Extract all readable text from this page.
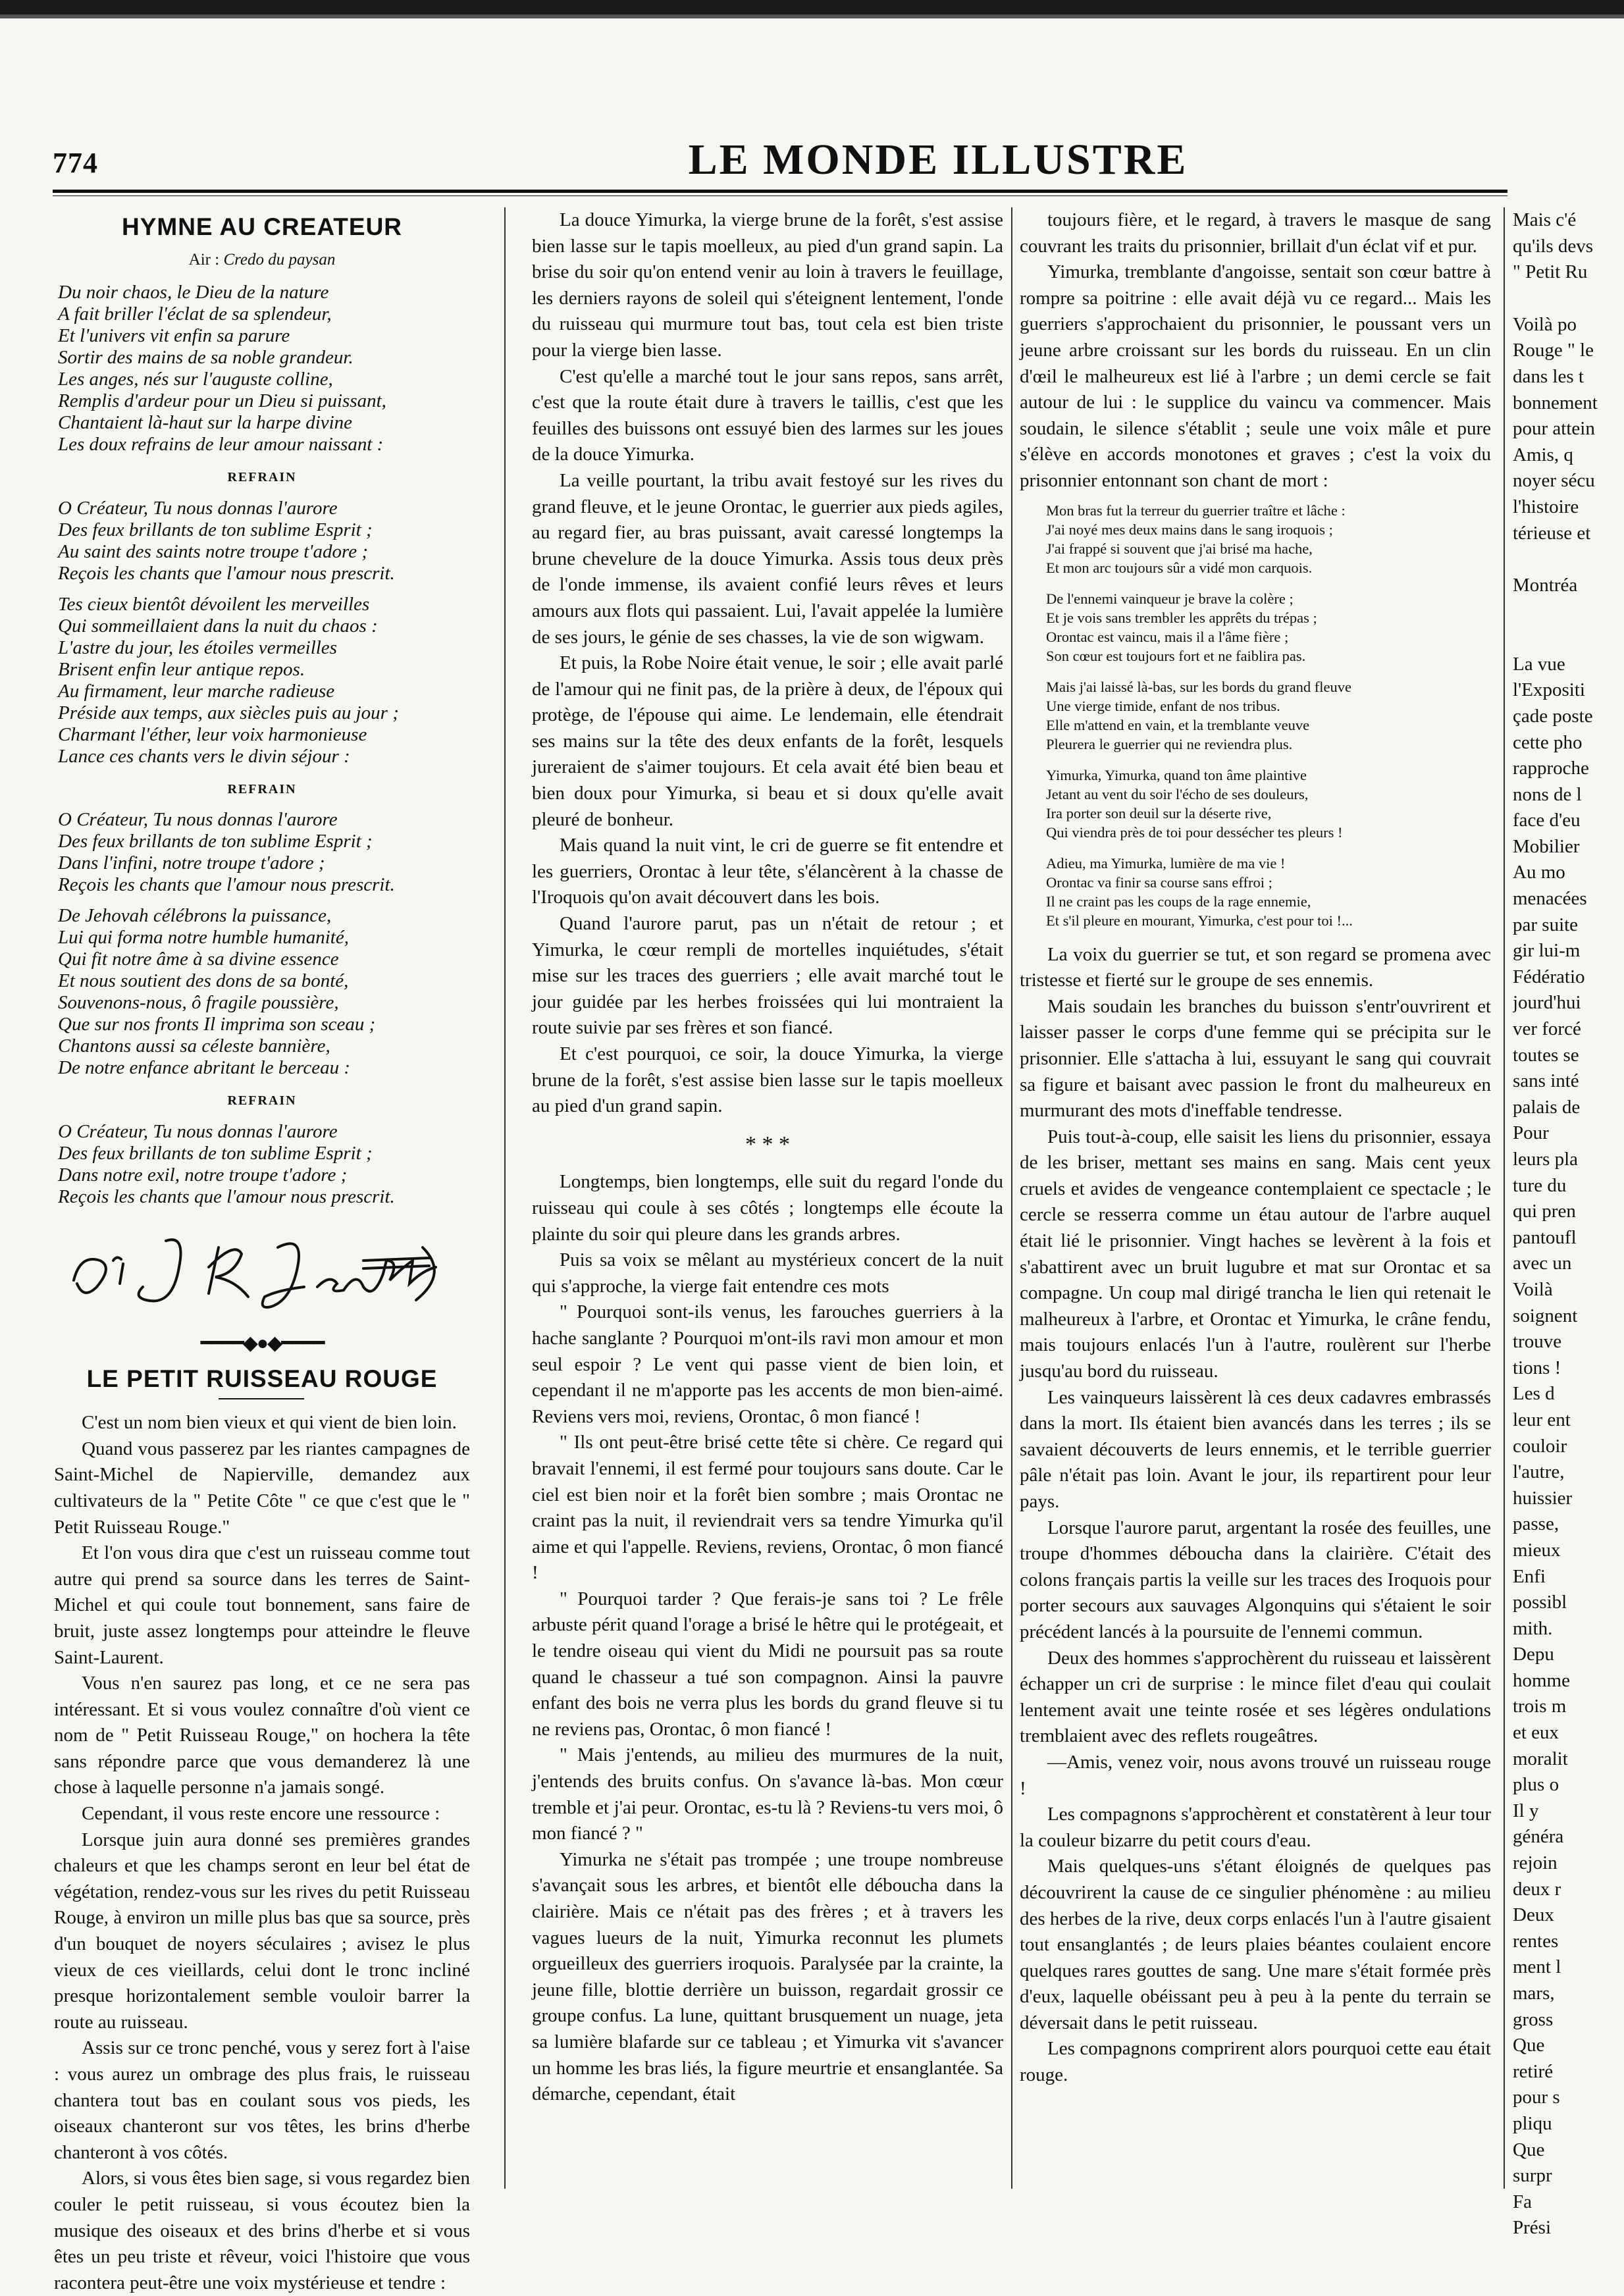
774	LE MONDE ILLUSTRE
HYMNE AU CREATEUR
Air : Credo du paysan
Du noir chaos, le Dieu de la nature
A fait briller l'éclat de sa splendeur,
Et l'univers vit enfin sa parure
Sortir des mains de sa noble grandeur.
Les anges, nés sur l'auguste colline,
Remplis d'ardeur pour un Dieu si puissant,
Chantaient là-haut sur la harpe divine
Les doux refrains de leur amour naissant :
REFRAIN
O Créateur, Tu nous donnas l'aurore
Des feux brillants de ton sublime Esprit ;
Au saint des saints notre troupe t'adore ;
Reçois les chants que l'amour nous prescrit.
Tes cieux bientôt dévoilent les merveilles
Qui sommeillaient dans la nuit du chaos :
L'astre du jour, les étoiles vermeilles
Brisent enfin leur antique repos.
Au firmament, leur marche radieuse
Préside aux temps, aux siècles puis au jour ;
Charmant l'éther, leur voix harmonieuse
Lance ces chants vers le divin séjour :
REFRAIN
O Créateur, Tu nous donnas l'aurore
Des feux brillants de ton sublime Esprit ;
Dans l'infini, notre troupe t'adore ;
Reçois les chants que l'amour nous prescrit.
De Jehovah célébrons la puissance,
Lui qui forma notre humble humanité,
Qui fit notre âme à sa divine essence
Et nous soutient des dons de sa bonté,
Souvenons-nous, ô fragile poussière,
Que sur nos fronts Il imprima son sceau ;
Chantons aussi sa céleste bannière,
De notre enfance abritant le berceau :
REFRAIN
O Créateur, Tu nous donnas l'aurore
Des feux brillants de ton sublime Esprit ;
Dans notre exil, notre troupe t'adore ;
Reçois les chants que l'amour nous prescrit.
━━━━◆●◆━━━━
LE PETIT RUISSEAU ROUGE

C'est un nom bien vieux et qui vient de bien loin.

Quand vous passerez par les riantes campagnes de Saint-Michel de Napierville, demandez aux cultivateurs de la " Petite Côte " ce que c'est que le " Petit Ruisseau Rouge."

Et l'on vous dira que c'est un ruisseau comme tout autre qui prend sa source dans les terres de Saint-Michel et qui coule tout bonnement, sans faire de bruit, juste assez longtemps pour atteindre le fleuve Saint-Laurent.

Vous n'en saurez pas long, et ce ne sera pas intéressant. Et si vous voulez connaître d'où vient ce nom de " Petit Ruisseau Rouge," on hochera la tête sans répondre parce que vous demanderez là une chose à laquelle personne n'a jamais songé.

Cependant, il vous reste encore une ressource :

Lorsque juin aura donné ses premières grandes chaleurs et que les champs seront en leur bel état de végétation, rendez-vous sur les rives du petit Ruisseau Rouge, à environ un mille plus bas que sa source, près d'un bouquet de noyers séculaires ; avisez le plus vieux de ces vieillards, celui dont le tronc incliné presque horizontalement semble vouloir barrer la route au ruisseau.

Assis sur ce tronc penché, vous y serez fort à l'aise : vous aurez un ombrage des plus frais, le ruisseau chantera tout bas en coulant sous vos pieds, les oiseaux chanteront sur vos têtes, les brins d'herbe chanteront à vos côtés.

Alors, si vous êtes bien sage, si vous regardez bien couler le petit ruisseau, si vous écoutez bien la musique des oiseaux et des brins d'herbe et si vous êtes un peu triste et rêveur, voici l'histoire que vous racontera peut-être une voix mystérieuse et tendre :

La douce Yimurka, la vierge brune de la forêt, s'est assise bien lasse sur le tapis moelleux, au pied d'un grand sapin. La brise du soir qu'on entend venir au loin à travers le feuillage, les derniers rayons de soleil qui s'éteignent lentement, l'onde du ruisseau qui murmure tout bas, tout cela est bien triste pour la vierge bien lasse.

C'est qu'elle a marché tout le jour sans repos, sans arrêt, c'est que la route était dure à travers le taillis, c'est que les feuilles des buissons ont essuyé bien des larmes sur les joues de la douce Yimurka.

La veille pourtant, la tribu avait festoyé sur les rives du grand fleuve, et le jeune Orontac, le guerrier aux pieds agiles, au regard fier, au bras puissant, avait caressé longtemps la brune chevelure de la douce Yimurka. Assis tous deux près de l'onde immense, ils avaient confié leurs rêves et leurs amours aux flots qui passaient. Lui, l'avait appelée la lumière de ses jours, le génie de ses chasses, la vie de son wigwam.

Et puis, la Robe Noire était venue, le soir ; elle avait parlé de l'amour qui ne finit pas, de la prière à deux, de l'époux qui protège, de l'épouse qui aime. Le lendemain, elle étendrait ses mains sur la tête des deux enfants de la forêt, lesquels jureraient de s'aimer toujours. Et cela avait été bien beau et bien doux pour Yimurka, si beau et si doux qu'elle avait pleuré de bonheur.

Mais quand la nuit vint, le cri de guerre se fit entendre et les guerriers, Orontac à leur tête, s'élancèrent à la chasse de l'Iroquois qu'on avait découvert dans les bois.

Quand l'aurore parut, pas un n'était de retour ; et Yimurka, le cœur rempli de mortelles inquiétudes, s'était mise sur les traces des guerriers ; elle avait marché tout le jour guidée par les herbes froissées qui lui montraient la route suivie par ses frères et son fiancé.

Et c'est pourquoi, ce soir, la douce Yimurka, la vierge brune de la forêt, s'est assise bien lasse sur le tapis moelleux au pied d'un grand sapin.

* * *

Longtemps, bien longtemps, elle suit du regard l'onde du ruisseau qui coule à ses côtés ; longtemps elle écoute la plainte du soir qui pleure dans les grands arbres.

Puis sa voix se mêlant au mystérieux concert de la nuit qui s'approche, la vierge fait entendre ces mots

" Pourquoi sont-ils venus, les farouches guerriers à la hache sanglante ? Pourquoi m'ont-ils ravi mon amour et mon seul espoir ? Le vent qui passe vient de bien loin, et cependant il ne m'apporte pas les accents de mon bien-aimé. Reviens vers moi, reviens, Orontac, ô mon fiancé !

" Ils ont peut-être brisé cette tête si chère. Ce regard qui bravait l'ennemi, il est fermé pour toujours sans doute. Car le ciel est bien noir et la forêt bien sombre ; mais Orontac ne craint pas la nuit, il reviendrait vers sa tendre Yimurka qu'il aime et qui l'appelle. Reviens, reviens, Orontac, ô mon fiancé !

" Pourquoi tarder ? Que ferais-je sans toi ? Le frêle arbuste périt quand l'orage a brisé le hêtre qui le protégeait, et le tendre oiseau qui vient du Midi ne poursuit pas sa route quand le chasseur a tué son compagnon. Ainsi la pauvre enfant des bois ne verra plus les bords du grand fleuve si tu ne reviens pas, Orontac, ô mon fiancé !

" Mais j'entends, au milieu des murmures de la nuit, j'entends des bruits confus. On s'avance là-bas. Mon cœur tremble et j'ai peur. Orontac, es-tu là ? Reviens-tu vers moi, ô mon fiancé ? "

Yimurka ne s'était pas trompée ; une troupe nombreuse s'avançait sous les arbres, et bientôt elle déboucha dans la clairière. Mais ce n'était pas des frères ; et à travers les vagues lueurs de la nuit, Yimurka reconnut les plumets orgueilleux des guerriers iroquois. Paralysée par la crainte, la jeune fille, blottie derrière un buisson, regardait grossir ce groupe confus. La lune, quittant brusquement un nuage, jeta sa lumière blafarde sur ce tableau ; et Yimurka vit s'avancer un homme les bras liés, la figure meurtrie et ensanglantée. Sa démarche, cependant, était

toujours fière, et le regard, à travers le masque de sang couvrant les traits du prisonnier, brillait d'un éclat vif et pur.

Yimurka, tremblante d'angoisse, sentait son cœur battre à rompre sa poitrine : elle avait déjà vu ce regard... Mais les guerriers s'approchaient du prisonnier, le poussant vers un jeune arbre croissant sur les bords du ruisseau. En un clin d'œil le malheureux est lié à l'arbre ; un demi cercle se fait autour de lui : le supplice du vaincu va commencer. Mais soudain, le silence s'établit ; seule une voix mâle et pure s'élève en accords monotones et graves ; c'est la voix du prisonnier entonnant son chant de mort :

Mon bras fut la terreur du guerrier traître et lâche :
J'ai noyé mes deux mains dans le sang iroquois ;
J'ai frappé si souvent que j'ai brisé ma hache,
Et mon arc toujours sûr a vidé mon carquois.
De l'ennemi vainqueur je brave la colère ;
Et je vois sans trembler les apprêts du trépas ;
Orontac est vaincu, mais il a l'âme fière ;
Son cœur est toujours fort et ne faiblira pas.
Mais j'ai laissé là-bas, sur les bords du grand fleuve
Une vierge timide, enfant de nos tribus.
Elle m'attend en vain, et la tremblante veuve
Pleurera le guerrier qui ne reviendra plus.
Yimurka, Yimurka, quand ton âme plaintive
Jetant au vent du soir l'écho de ses douleurs,
Ira porter son deuil sur la déserte rive,
Qui viendra près de toi pour dessécher tes pleurs !
Adieu, ma Yimurka, lumière de ma vie !
Orontac va finir sa course sans effroi ;
Il ne craint pas les coups de la rage ennemie,
Et s'il pleure en mourant, Yimurka, c'est pour toi !...

La voix du guerrier se tut, et son regard se promena avec tristesse et fierté sur le groupe de ses ennemis.

Mais soudain les branches du buisson s'entr'ouvrirent et laisser passer le corps d'une femme qui se précipita sur le prisonnier. Elle s'attacha à lui, essuyant le sang qui couvrait sa figure et baisant avec passion le front du malheureux en murmurant des mots d'ineffable tendresse.

Puis tout-à-coup, elle saisit les liens du prisonnier, essaya de les briser, mettant ses mains en sang. Mais cent yeux cruels et avides de vengeance contemplaient ce spectacle ; le cercle se resserra comme un étau autour de l'arbre auquel était lié le prisonnier. Vingt haches se levèrent à la fois et s'abattirent avec un bruit lugubre et mat sur Orontac et sa compagne. Un coup mal dirigé trancha le lien qui retenait le malheureux à l'arbre, et Orontac et Yimurka, le crâne fendu, mais toujours enlacés l'un à l'autre, roulèrent sur l'herbe jusqu'au bord du ruisseau.

Les vainqueurs laissèrent là ces deux cadavres embrassés dans la mort. Ils étaient bien avancés dans les terres ; ils se savaient découverts de leurs ennemis, et le terrible guerrier pâle n'était pas loin. Avant le jour, ils repartirent pour leur pays.

Lorsque l'aurore parut, argentant la rosée des feuilles, une troupe d'hommes déboucha dans la clairière. C'était des colons français partis la veille sur les traces des Iroquois pour porter secours aux sauvages Algonquins qui s'étaient le soir précédent lancés à la poursuite de l'ennemi commun.

Deux des hommes s'approchèrent du ruisseau et laissèrent échapper un cri de surprise : le mince filet d'eau qui coulait lentement avait une teinte rosée et ses légères ondulations tremblaient avec des reflets rougeâtres.

—Amis, venez voir, nous avons trouvé un ruisseau rouge !

Les compagnons s'approchèrent et constatèrent à leur tour la couleur bizarre du petit cours d'eau.

Mais quelques-uns s'étant éloignés de quelques pas découvrirent la cause de ce singulier phénomène : au milieu des herbes de la rive, deux corps enlacés l'un à l'autre gisaient tout ensanglantés ; de leurs plaies béantes coulaient encore quelques rares gouttes de sang. Une mare s'était formée près d'eux, laquelle obéissant peu à peu à la pente du terrain se déversait dans le petit ruisseau.

Les compagnons comprirent alors pourquoi cette eau était rouge.

Mais c'é

qu'ils devs

" Petit Ru

Voilà po

Rouge " le

dans les t

bonnement

pour attein

Amis, q

noyer sécu

l'histoire

térieuse et

Montréa

La vue

l'Expositi

çade poste

cette pho

rapproche

nons de l

face d'eu

Mobilier

Au mo

menacées

par suite

gir lui-m

Fédératio

jourd'hui

ver forcé

toutes se

sans inté

palais de

Pour

leurs pla

ture du

qui pren

pantoufl

avec un

Voilà

soignent

trouve

tions !

Les d

leur ent

couloir

l'autre,

huissier

passe,

mieux

Enfi

possibl

mith.

Depu

homme

trois m

et eux

moralit

plus o

Il y

généra

rejoin

deux r

Deux

rentes

ment l

mars,

gross

Que

retiré

pour s

pliqu

Que

surpr

Fa

Prési
